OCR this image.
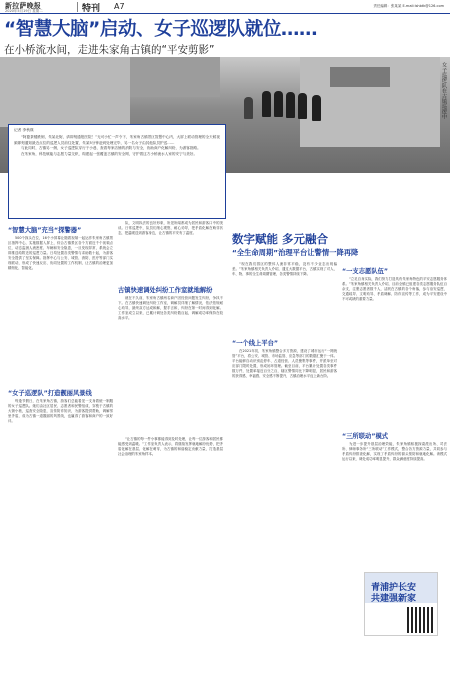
新拉萨晚报
2020年5月19日 星期二	特刊 A7	责任编辑：张某某 E-mail:lshbtk@126.com
“智慧大脑”启动、女子巡逻队就位……
在小桥流水间，走进朱家角古镇的“平安剪影”
女子巡逻队在古镇巡逻中
记者 李秋瑛

“阿婆茶楼跌倒，朱某北街，请即刻通报医院！”无可小忙一声令下，朱家角古镇景区智慧中心内，大屏上联动管理的全天候视频即刻通知最近点位的巡逻人员前往处置，朱某5分钟赶到处理完毕，另一名女子由其他队员护送……

与此同时，古镇另一侧，女子巡逻队穿行于小巷，查看每家店铺的消防与安全，协助商户化解纠纷，为游客指路。

在朱家角，科技赋能与志愿力量交织，构建起一张覆盖古镇的安全网，守护着这方小桥流水人家的安宁与美好。

“智慧大脑”充当“探警器”

500个探头在位，16个小屏幕让随着视频一起运作朱家角古镇景区指挥中心，实施数据入屏上，综合古镇景区各个方面近千个视频点位，动态监测人流密度、车辆和安全隐患，一旦发现异常，系统会立即推送给附近的巡逻力量。日均处置各类警情与求助数十起，为游客安全提供了坚实保障。指挥中心与公安、城管、消防、医疗等部门实现联动，形成了快速反应、协同处置的工作机制，让古镇的治理更加精细化、智能化。

“女子巡逻队”打造靓丽风景线

每逢节假日，在朱家角古镇，游客们总能看见一支身着统一制服的女子巡逻队。她们由社区居民、志愿者和民警组成，穿梭于古镇的大街小巷，巡查安全隐患，宣传防诈知识，为游客提供帮助，调解邻里矛盾，成为古镇一道靓丽的风景线，也赢得了游客和商户的一致好评。

队，文明执法的良好形象，所见所闻都成为居民和游客口中的美谈。日常巡逻中，队员们细心观察，耐心劝导，把矛盾化解在萌芽状态，把温暖送到游客身边，让古镇的平安有了温度。

古镇快速调处纠纷工作室就地解纷

就在不久前，朱家角古镇两名商户因经营问题发生纠纷，争执不下。在古镇快速调处纠纷工作室，调解员详细了解情况，依法依规耐心劝导，最终双方达成和解，握手言和，纠纷在第一时间得到化解。工作室成立以来，已累计调处各类纠纷数百起，调解成功率保持在较高水平。

“让古镇的每一件小事都能得到及时处理，让每一位游客和居民都能感受到温暖。”工作室负责人表示，将继续发挥就地解纷优势，把矛盾化解在基层、化解在萌芽，为古镇的和谐稳定贡献力量，打造基层社会治理的朱家角样本。

数字赋能 多元融合
“全生命周期”治理平台让警情一降再降

“现在我们园区的整体人流非常平稳，没有不少业态出现偏差。”朱家角镇相关负责人介绍，通过大数据平台，古镇实现了对人、车、物、事的全生命周期管理，各类警情持续下降。

“一个线上平台”

在2021年初，朱家角镇整合多方资源，建设了城市运行“一网统管”平台，将公安、城管、市场监管、应急等部门的数据汇聚于一体。平台能够自动识别乱停车、占道经营、人员聚集等事件，并派单至对应部门限时处置，形成闭环管理。截至目前，平台累计处置各类事件数万件，处置率接近百分之百，辖区警情同比下降明显，居民和游客的获得感、幸福感、安全感不断提升，古镇治理水平迈上新台阶。

“一支志愿队伍”

“立足自身实际，我们努力打造具有朱家角特色的平安志愿服务体系。”朱家角镇相关负责人介绍，目前全镇已组建各类志愿服务队伍百余支，注册志愿者数千人，活跃在古镇的各个角落，参与治安巡逻、交通疏导、文明劝导、矛盾调解、防诈宣传等工作，成为平安建设中不可或缺的重要力量。

“三所联动”模式

为进一步提升基层治理效能，朱家角镇积极探索派出所、司法所、律师事务所“三所联动”工作模式，整合各方资源力量，共同参与矛盾纠纷排查化解，实现了矛盾纠纷的源头预防和就地化解。该模式运行以来，调处成功率明显提升，群众满意度持续提高。

青浦护长安
共建强新家
